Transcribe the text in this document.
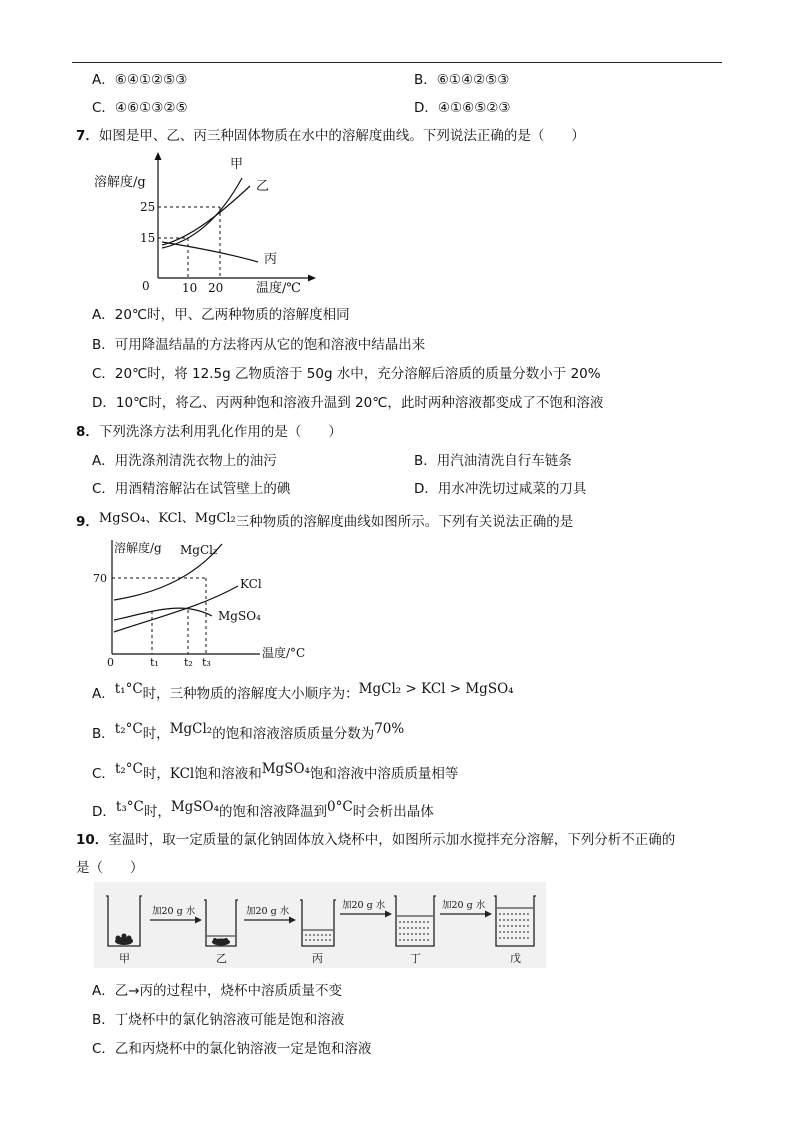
A．⑥④①②⑤③	B．⑥①④②⑤③
C．④⑥①③②⑤	D．④①⑥⑤②③
7．如图是甲、乙、丙三种固体物质在水中的溶解度曲线。下列说法正确的是（　　）
溶解度/g
温度/℃
0
25
15
10 20
甲
乙
丙
A．20℃时，甲、乙两种物质的溶解度相同
B．可用降温结晶的方法将丙从它的饱和溶液中结晶出来
C．20℃时，将 12.5g 乙物质溶于 50g 水中，充分溶解后溶质的质量分数小于 20%
D．10℃时，将乙、丙两种饱和溶液升温到 20℃，此时两种溶液都变成了不饱和溶液
8．下列洗涤方法利用乳化作用的是（　　）
A．用洗涤剂清洗衣物上的油污	B．用汽油清洗自行车链条
C．用酒精溶解沾在试管壁上的碘	D．用水冲洗切过咸菜的刀具
9．MgSO₄、KCl、MgCl₂三种物质的溶解度曲线如图所示。下列有关说法正确的是
溶解度/g
温度/°C
0
70
t₁ t₂ t₃
MgCl₂
KCl
MgSO₄
A．t₁°C时，三种物质的溶解度大小顺序为：MgCl₂ > KCl > MgSO₄
B．t₂°C时，MgCl₂的饱和溶液溶质质量分数为70%
C．t₂°C时，KCl饱和溶液和MgSO₄饱和溶液中溶质质量相等
D．t₃°C时，MgSO₄的饱和溶液降温到0°C时会析出晶体
10．室温时，取一定质量的氯化钠固体放入烧杯中，如图所示加水搅拌充分溶解，下列分析不正确的
是（　　）
甲
加20 g 水
乙
加20 g 水
丙
加20 g 水
丁
加20 g 水
戊
A．乙→丙的过程中，烧杯中溶质质量不变
B．丁烧杯中的氯化钠溶液可能是饱和溶液
C．乙和丙烧杯中的氯化钠溶液一定是饱和溶液
